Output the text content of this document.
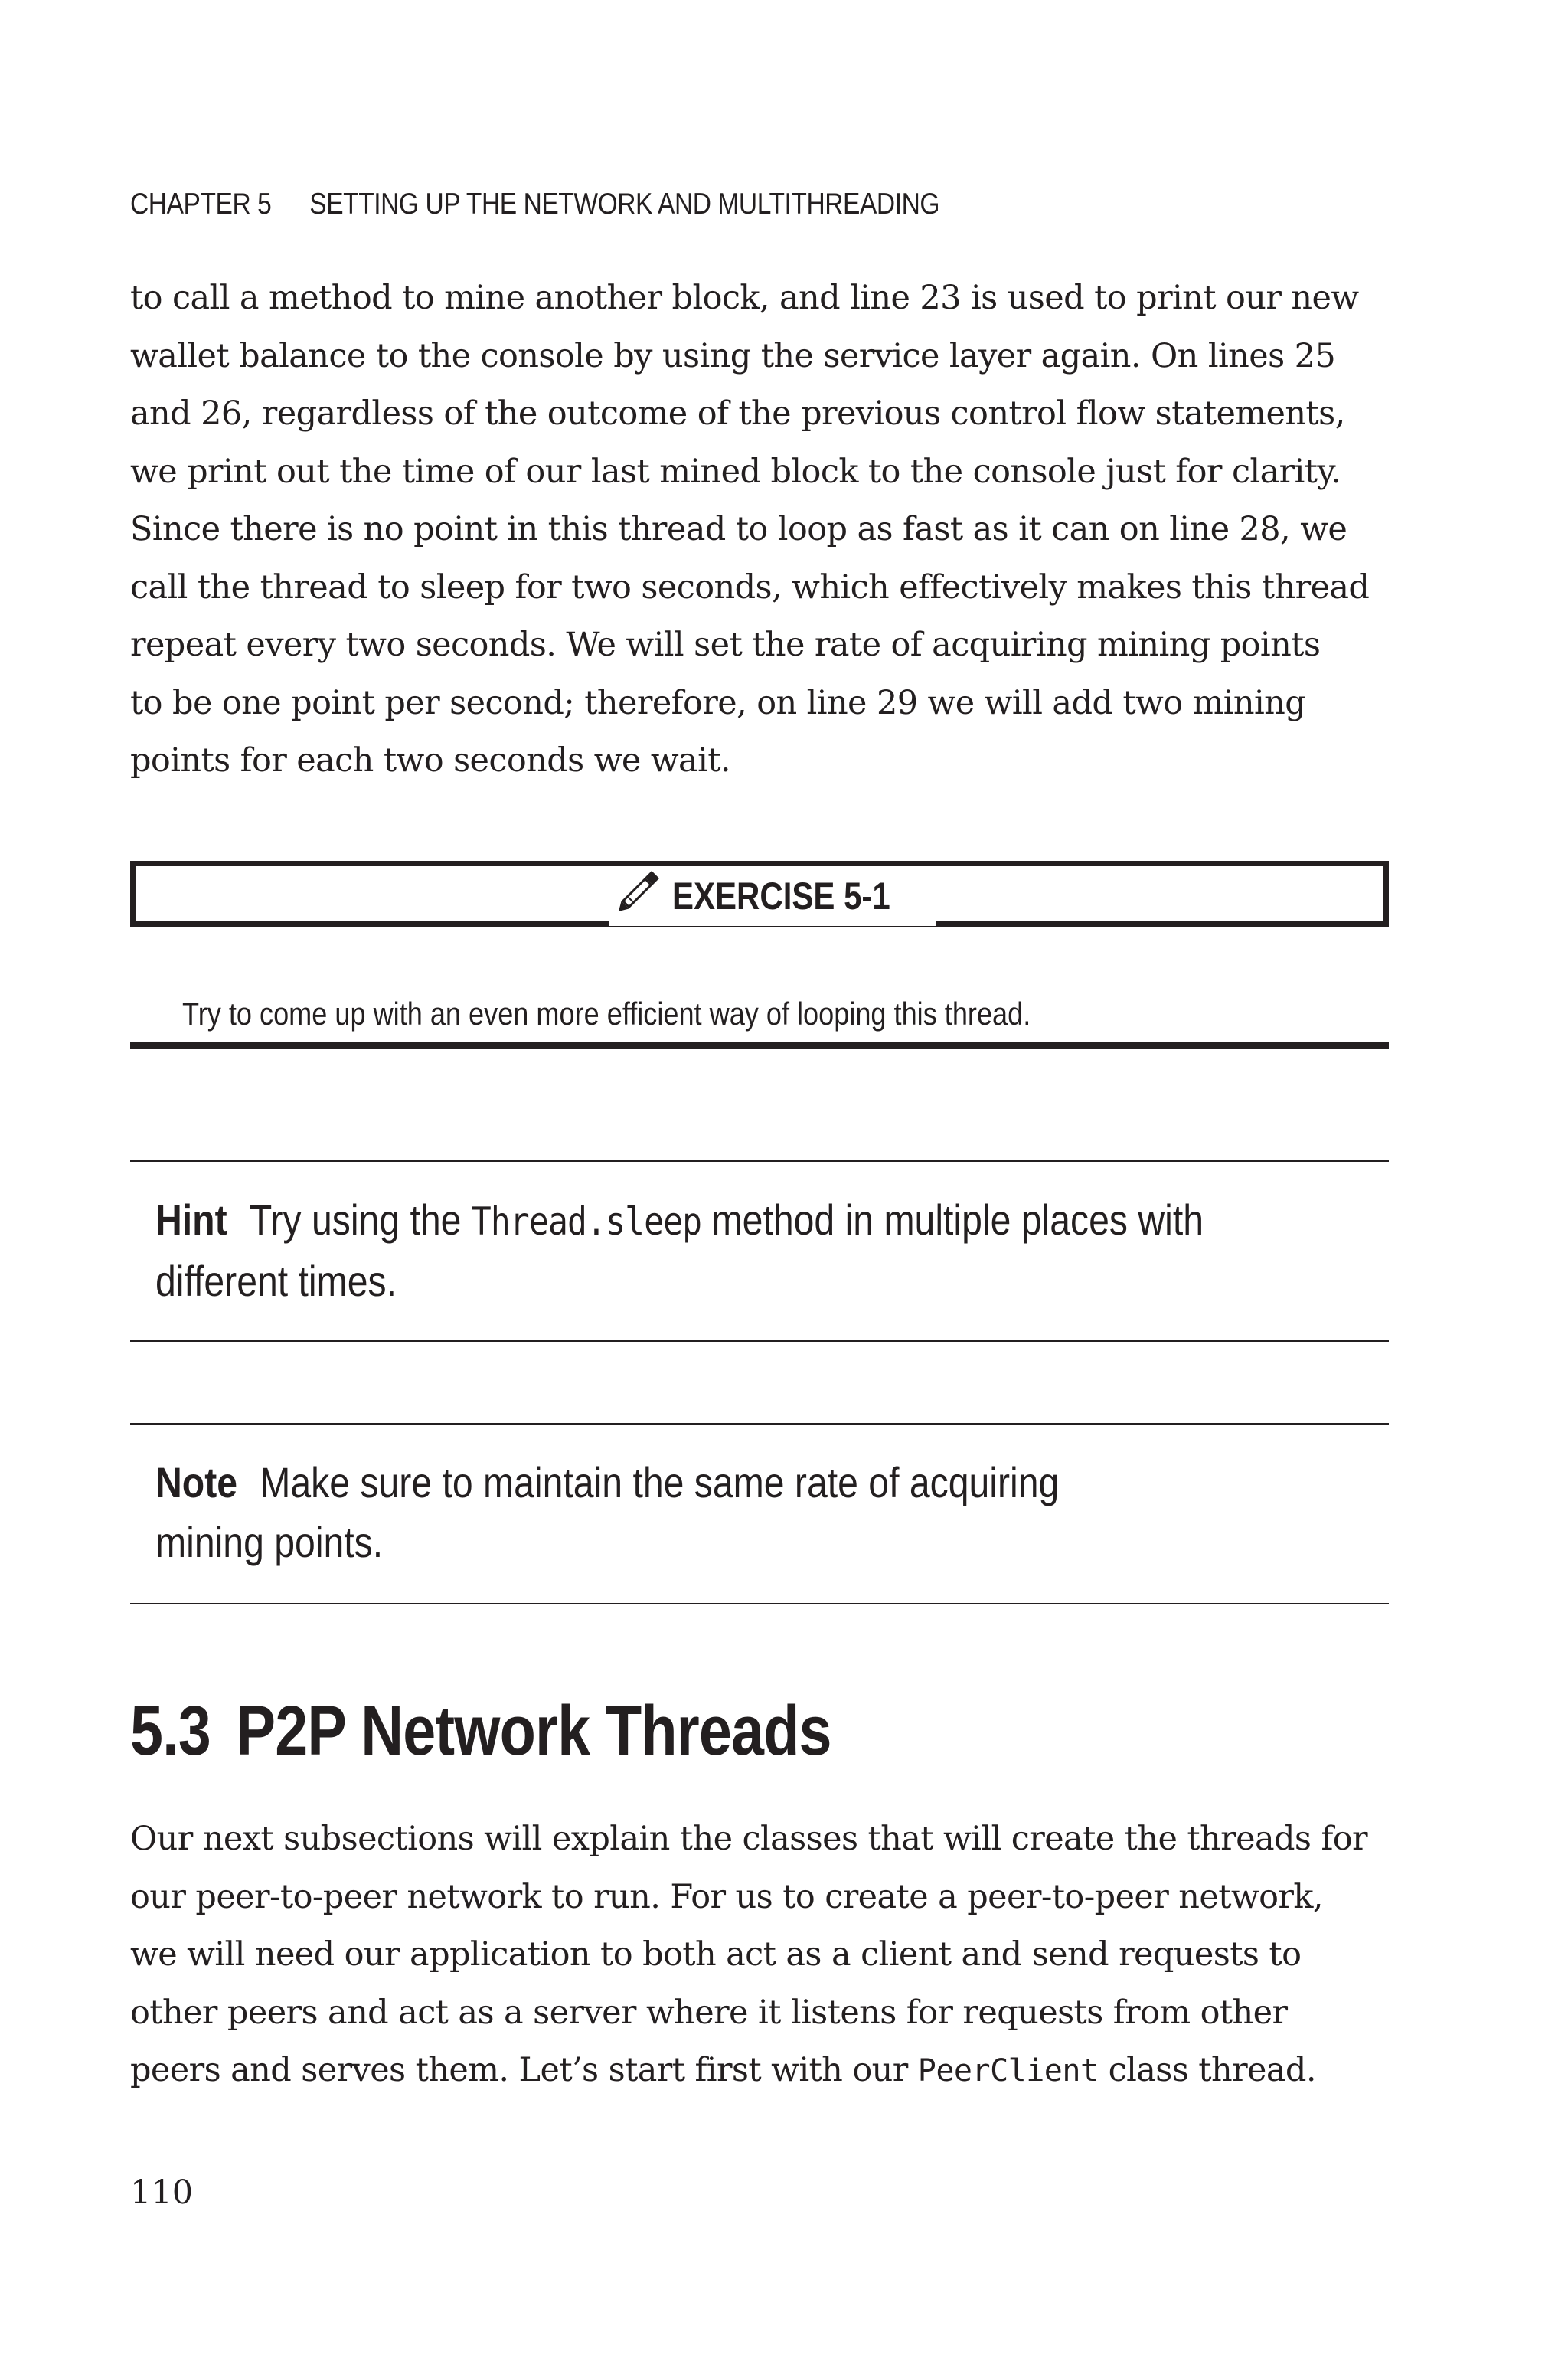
CHAPTER 5 SETTING UP THE NETWORK AND MULTITHREADING

to call a method to mine another block, and line 23 is used to print our new
wallet balance to the console by using the service layer again. On lines 25
and 26, regardless of the outcome of the previous control flow statements,
we print out the time of our last mined block to the console just for clarity.
Since there is no point in this thread to loop as fast as it can on line 28, we
call the thread to sleep for two seconds, which effectively makes this thread
repeat every two seconds. We will set the rate of acquiring mining points
to be one point per second; therefore, on line 29 we will add two mining
points for each two seconds we wait.

EXERCISE 5-1
Try to come up with an even more efficient way of looping this thread.
Hint Try using the Thread.sleep method in multiple places with
different times.
Note Make sure to maintain the same rate of acquiring
mining points.
5.3 P2P Network Threads

Our next subsections will explain the classes that will create the threads for
our peer-to-peer network to run. For us to create a peer-to-peer network,
we will need our application to both act as a client and send requests to
other peers and act as a server where it listens for requests from other
peers and serves them. Let’s start first with our PeerClient class thread.

110
